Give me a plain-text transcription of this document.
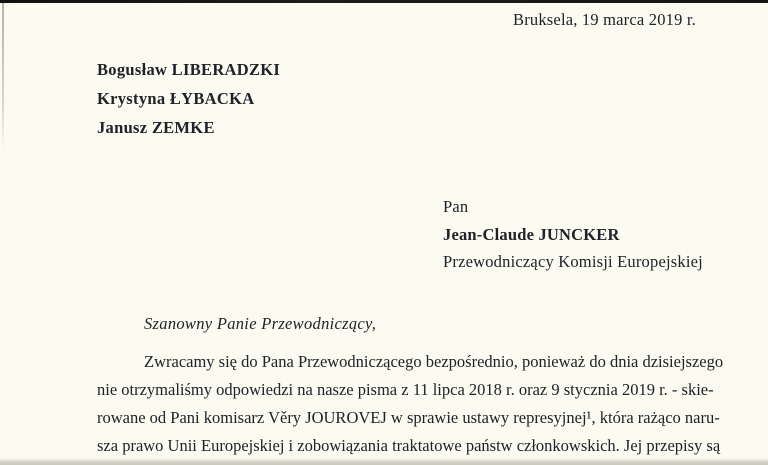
Bruksela, 19 marca 2019 r.
Bogusław LIBERADZKI
Krystyna ŁYBACKA
Janusz ZEMKE
Pan
Jean-Claude JUNCKER
Przewodniczący Komisji Europejskiej
Szanowny Panie Przewodniczący,
Zwracamy się do Pana Przewodniczącego bezpośrednio, ponieważ do dnia dzisiejszego
nie otrzymaliśmy odpowiedzi na nasze pisma z 11 lipca 2018 r. oraz 9 stycznia 2019 r. - skie-
rowane od Pani komisarz Věry JOUROVEJ w sprawie ustawy represyjnej¹, która rażąco naru-
sza prawo Unii Europejskiej i zobowiązania traktatowe państw członkowskich. Jej przepisy są
